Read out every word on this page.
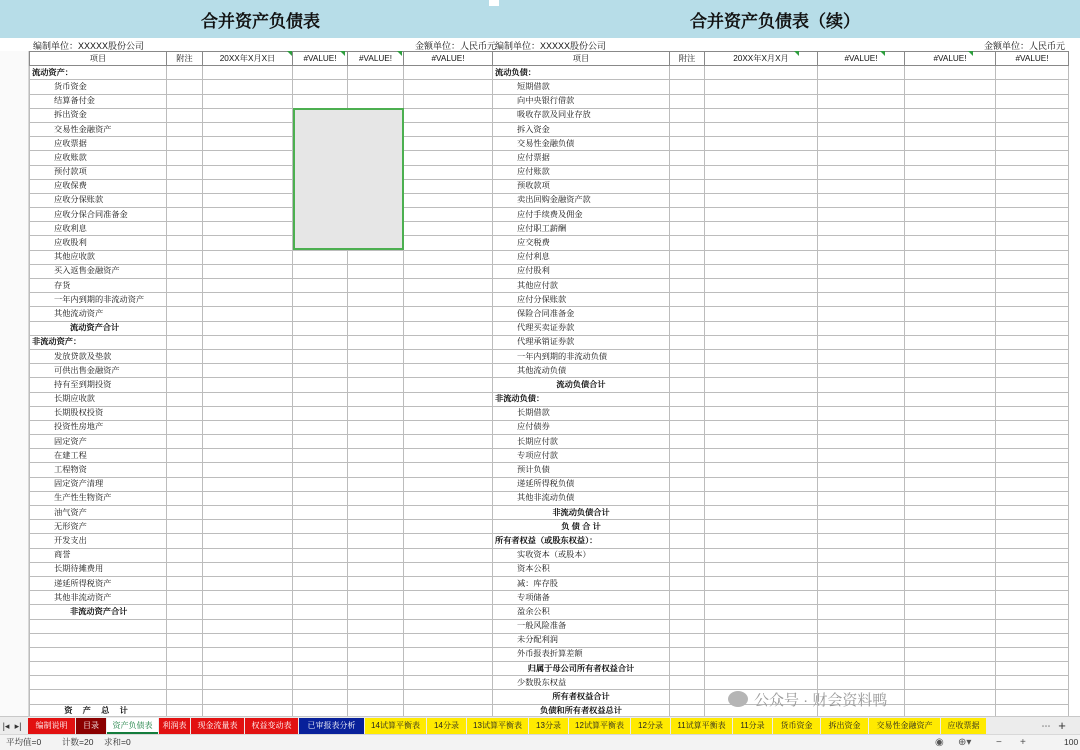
合并资产负债表	合并资产负债表（续）
编制单位：XXXXX股份公司	金额单位：人民币元
编制单位：XXXXX股份公司	金额单位：人民币元
项目	附注	20XX年X月X日	#VALUE!	#VALUE!	#VALUE!	项目	附注	20XX年X月X月	#VALUE!	#VALUE!	#VALUE!
流动资产：						流动负债：					
货币资金						短期借款					
结算备付金						向中央银行借款					
拆出资金						吸收存款及同业存放					
交易性金融资产						拆入资金					
应收票据						交易性金融负债					
应收账款						应付票据					
预付款项						应付账款					
应收保费						预收款项					
应收分保账款						卖出回购金融资产款					
应收分保合同准备金						应付手续费及佣金					
应收利息						应付职工薪酬					
应收股利						应交税费					
其他应收款						应付利息					
买入返售金融资产						应付股利					
存货						其他应付款					
一年内到期的非流动资产						应付分保账款					
其他流动资产						保险合同准备金					
流动资产合计						代理买卖证券款					
非流动资产：						代理承销证券款					
发放贷款及垫款						一年内到期的非流动负债					
可供出售金融资产						其他流动负债					
持有至到期投资						流动负债合计					
长期应收款						非流动负债：					
长期股权投资						长期借款					
投资性房地产						应付债券					
固定资产						长期应付款					
在建工程						专项应付款					
工程物资						预计负债					
固定资产清理						递延所得税负债					
生产性生物资产						其他非流动负债					
油气资产						非流动负债合计					
无形资产						负 债 合 计					
开发支出						所有者权益（或股东权益）：					
商誉						实收资本（或股本）					
长期待摊费用						资本公积					
递延所得税资产						减：库存股					
其他非流动资产						专项储备					
非流动资产合计						盈余公积					
						一般风险准备					
						未分配利润					
						外币报表折算差额					
						归属于母公司所有者权益合计					
						少数股东权益					
						所有者权益合计					
资 产 总 计						负债和所有者权益总计					
公众号 · 财会资料鸭
|◂ ▸|	编制说明	目录	资产负债表	利润表	现金流量表	权益变动表	已审报表分析	14试算平衡表	14分录	13试算平衡表	13分录	12试算平衡表	12分录	11试算平衡表	11分录	货币资金	拆出资金	交易性金融资产	应收票据	⋯ +
平均值=0 计数=20 求和=0	◉ ⊕▾ − +	100
